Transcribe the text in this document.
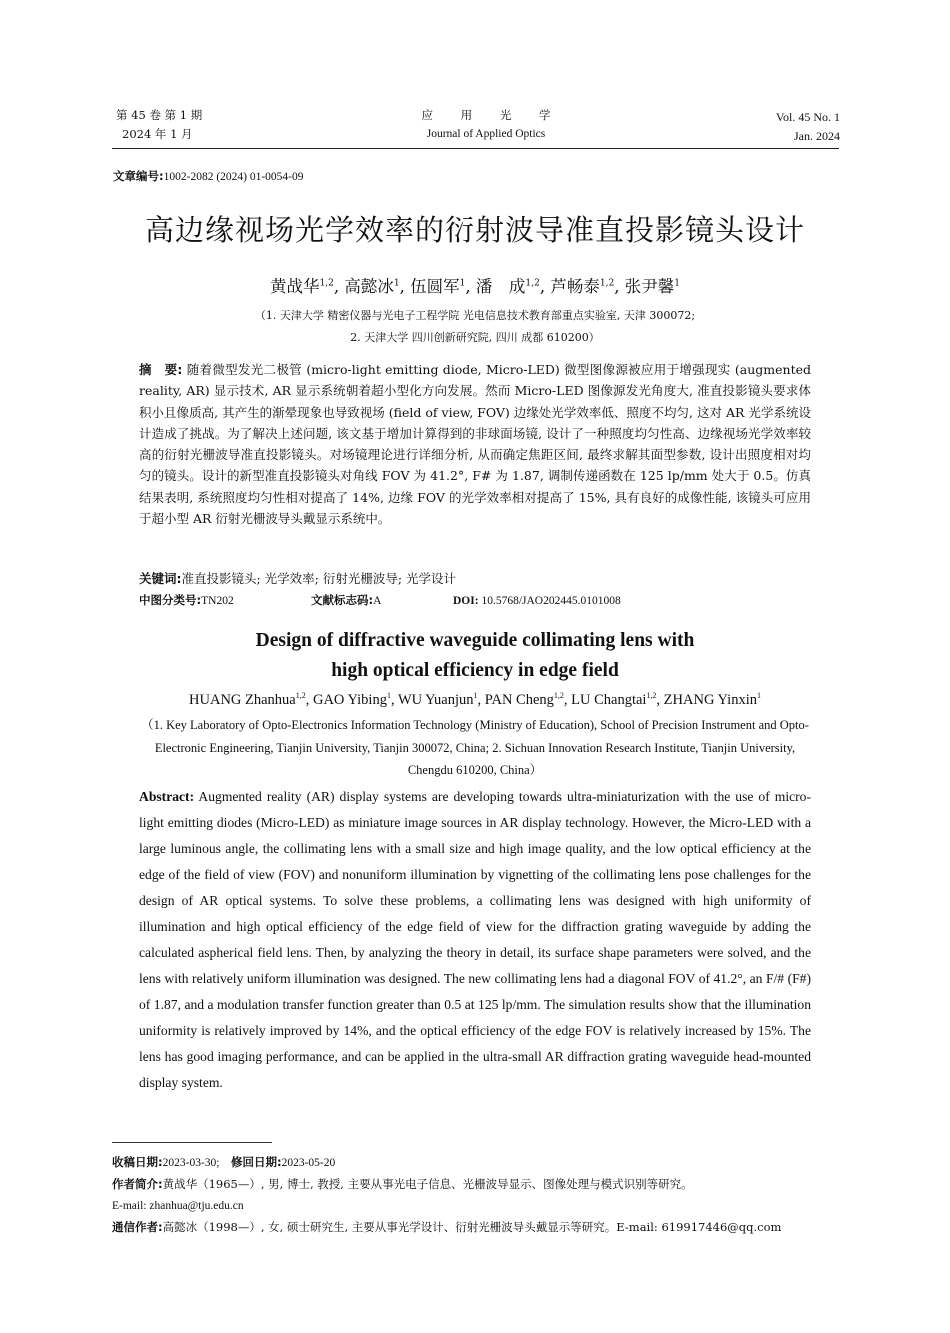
第 45 卷 第 1 期
2024 年 1 月
应 用 光 学
Journal of Applied Optics
Vol. 45 No. 1
Jan. 2024
文章编号:1002-2082 (2024) 01-0054-09
高边缘视场光学效率的衍射波导准直投影镜头设计
黄战华$^{1,2}$, 高懿冰$^1$, 伍圆军$^1$, 潘　成$^{1,2}$, 芦畅泰$^{1,2}$, 张尹馨$^1$
（1. 天津大学 精密仪器与光电子工程学院 光电信息技术教育部重点实验室, 天津 300072;
2. 天津大学 四川创新研究院, 四川 成都 610200）
摘　要: 随着微型发光二极管 (micro-light emitting diode, Micro-LED) 微型图像源被应用于增强现实 (augmented reality, AR) 显示技术, AR 显示系统朝着超小型化方向发展。然而 Micro-LED 图像源发光角度大, 准直投影镜头要求体积小且像质高, 其产生的渐晕现象也导致视场 (field of view, FOV) 边缘处光学效率低、照度不均匀, 这对 AR 光学系统设计造成了挑战。为了解决上述问题, 该文基于增加计算得到的非球面场镜, 设计了一种照度均匀性高、边缘视场光学效率较高的衍射光栅波导准直投影镜头。对场镜理论进行详细分析, 从而确定焦距区间, 最终求解其面型参数, 设计出照度相对均匀的镜头。设计的新型准直投影镜头对角线 FOV 为 41.2°, F# 为 1.87, 调制传递函数在 125 lp/mm 处大于 0.5。仿真结果表明, 系统照度均匀性相对提高了 14%, 边缘 FOV 的光学效率相对提高了 15%, 具有良好的成像性能, 该镜头可应用于超小型 AR 衍射光栅波导头戴显示系统中。
关键词:准直投影镜头; 光学效率; 衍射光栅波导; 光学设计
中图分类号:TN202	文献标志码:A	DOI: 10.5768/JAO202445.0101008
Design of diffractive waveguide collimating lens with
high optical efficiency in edge field
HUANG Zhanhua$^{1,2}$, GAO Yibing$^1$, WU Yuanjun$^1$, PAN Cheng$^{1,2}$, LU Changtai$^{1,2}$, ZHANG Yinxin$^1$
（1. Key Laboratory of Opto-Electronics Information Technology (Ministry of Education), School of Precision Instrument and Opto-Electronic Engineering, Tianjin University, Tianjin 300072, China; 2. Sichuan Innovation Research Institute, Tianjin University, Chengdu 610200, China）
Abstract: Augmented reality (AR) display systems are developing towards ultra-miniaturization with the use of micro-light emitting diodes (Micro-LED) as miniature image sources in AR display technology. However, the Micro-LED with a large luminous angle, the collimating lens with a small size and high image quality, and the low optical efficiency at the edge of the field of view (FOV) and nonuniform illumination by vignetting of the collimating lens pose challenges for the design of AR optical systems. To solve these problems, a collimating lens was designed with high uniformity of illumination and high optical efficiency of the edge field of view for the diffraction grating waveguide by adding the calculated aspherical field lens. Then, by analyzing the theory in detail, its surface shape parameters were solved, and the lens with relatively uniform illumination was designed. The new collimating lens had a diagonal FOV of 41.2°, an F/# (F#) of 1.87, and a modulation transfer function greater than 0.5 at 125 lp/mm. The simulation results show that the illumination uniformity is relatively improved by 14%, and the optical efficiency of the edge FOV is relatively increased by 15%. The lens has good imaging performance, and can be applied in the ultra-small AR diffraction grating waveguide head-mounted display system.
收稿日期:2023-03-30;　 修回日期:2023-05-20
作者简介:黄战华（1965—）, 男, 博士, 教授, 主要从事光电子信息、光栅波导显示、图像处理与模式识别等研究。
E-mail: zhanhua@tju.edu.cn
通信作者:高懿冰（1998—）, 女, 硕士研究生, 主要从事光学设计、衍射光栅波导头戴显示等研究。E-mail: 619917446@qq.com
